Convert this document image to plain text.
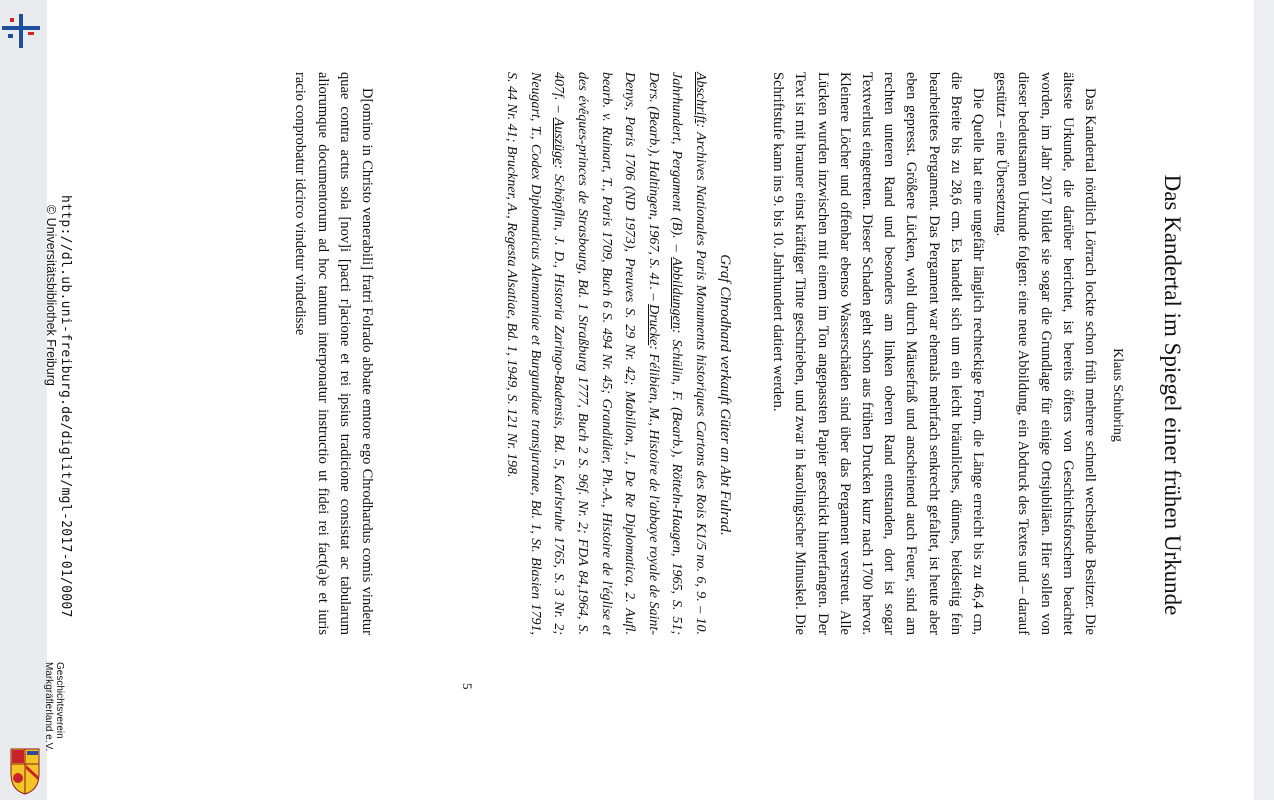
Das Kandertal im Spiegel einer frühen Urkunde
Klaus Schubring

Das Kandertal nördlich Lörrach lockte schon früh mehrere schnell wechselnde Besitzer. Die älteste Urkunde, die darüber berichtet, ist bereits öfters von Geschichtsforschern beachtet worden, im Jahr 2017 bildet sie sogar die Grundlage für einige Ortsjubiläen. Hier sollen von dieser bedeutsamen Urkunde folgen: eine neue Abbildung, ein Abdruck des Textes und – darauf gestützt – eine Übersetzung.

Die Quelle hat eine ungefähr länglich rechteckige Form, die Länge erreicht bis zu 46,4 cm, die Breite bis zu 28,6 cm. Es handelt sich um ein leicht bräunliches, dünnes, beidseitig fein bearbeitetes Pergament. Das Pergament war ehemals mehrfach senkrecht gefaltet, ist heute aber eben gepresst. Größere Lücken, wohl durch Mäusefraß und anscheinend auch Feuer, sind am rechten unteren Rand und besonders am linken oberen Rand entstanden, dort ist sogar Textverlust eingetreten. Dieser Schaden geht schon aus frühen Drucken kurz nach 1700 hervor. Kleinere Löcher und offenbar ebenso Wasserschäden sind über das Pergament verstreut. Alle Lücken wurden inzwischen mit einem im Ton angepassten Papier geschickt hinterfangen. Der Text ist mit brauner einst kräftiger Tinte geschrieben, und zwar in karolingischer Minuskel. Die Schriftstufe kann ins 9. bis 10. Jahrhundert datiert werden.

Graf Chrodhard verkauft Güter an Abt Fulrad.
Abschrift: Archives Nationales Paris Monuments historiques Cartons des Rois K1/5 no. 6, 9. – 10. Jahrhundert, Pergament (B). – Abbildungen: Schülin, F. (Bearb.), Rötteln-Haagen, 1965, S. 51; Ders. (Bearb.), Haltingen, 1967, S. 41. – Drucke: Félibien, M., Histoire de l'abbaye royale de Saint-Denys, Paris 1706 (ND 1973), Preuves S. 29 Nr. 42; Mabillon, J., De Re Diplomatica, 2. Aufl. bearb. v. Ruinart, T., Paris 1709, Buch 6 S. 494 Nr. 45; Grandidier, Ph.-A., Histoire de l'église et des évêques-princes de Strasbourg, Bd. 1 Straßburg 1777, Buch 2 S. 96f. Nr. 2; FDA 84,1964, S. 407f. – Auszüge: Schöpflin, J. D., Historia Zaringo-Badensis, Bd. 5, Karlsruhe 1765, S. 3 Nr. 2; Neugart, T., Codex Diplomaticus Alemanniae et Burgundiae transjuranae, Bd. 1, St. Blasien 1791, S. 44 Nr. 41; Bruckner, A., Regesta Alsatiae, Bd. 1, 1949, S. 121 Nr. 198.

D[omino in Christo venerabili] fratri Folrado abbate emtore ego Chrodhardus comis vindetur quae contra actus sola [nov]i [pacti r]acione et rei ipsius tradicione consistat ac tabularum aliorumque documentorum ad hoc tantum interponatur instructio ut fidei rei fact(a)e et iuris racio conprobatur idcirco vindetur vindedisse

5
http://dl.ub.uni-freiburg.de/diglit/mgl-2017-01/0007
© Universitätsbibliothek Freiburg
Geschichtsverein
Markgräflerland e.V.
